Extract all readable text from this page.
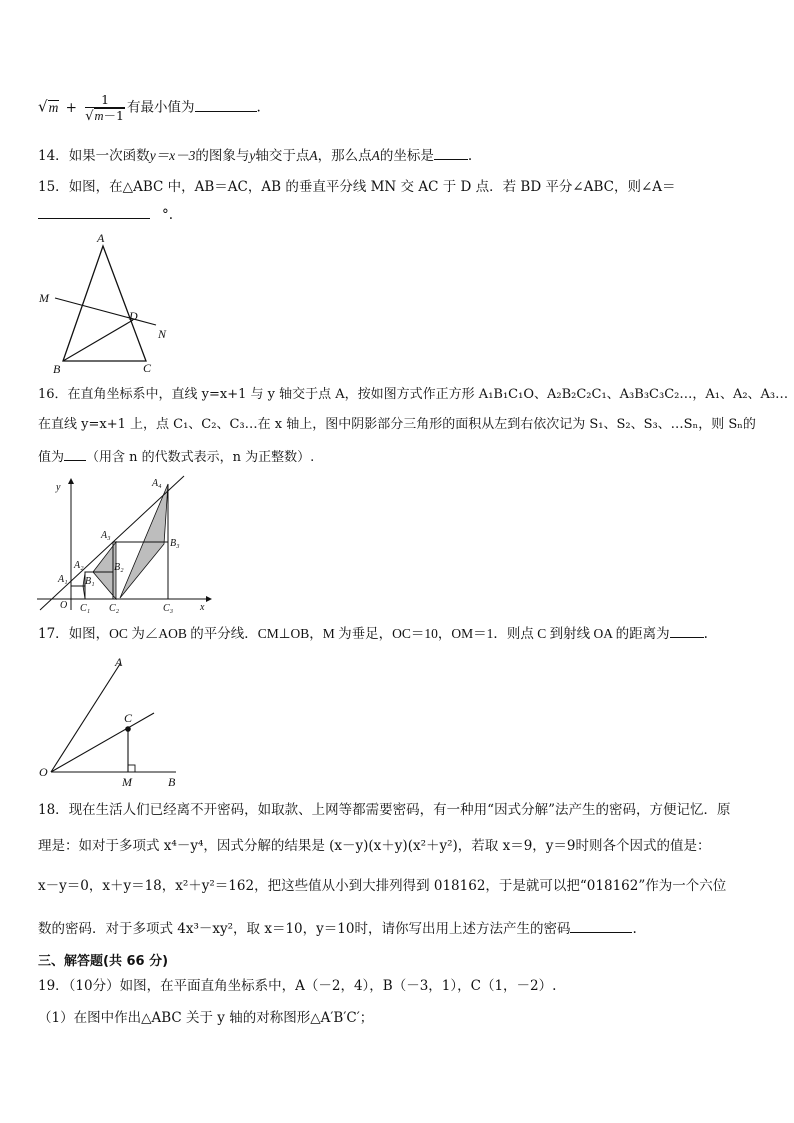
$√m + \frac{1}{√m-1}$ 有最小值为	.
14．如果一次函数y＝x－3的图象与y轴交于点A，那么点A的坐标是	.
15．如图，在△ABC 中，AB＝AC，AB 的垂直平分线 MN 交 AC 于 D 点．若 BD 平分∠ABC，则∠A＝
°.
A
B	C
D
M
N
16．在直角坐标系中，直线 y=x+1 与 y 轴交于点 A，按如图方式作正方形 A₁B₁C₁O、A₂B₂C₂C₁、A₃B₃C₃C₂…，A₁、A₂、A₃…
在直线 y=x+1 上，点 C₁、C₂、C₃…在 x 轴上，图中阴影部分三角形的面积从左到右依次记为 S₁、S₂、S₃、…Sₙ，则 Sₙ的
值为 （用含 n 的代数式表示，n 为正整数）.
y
x
O
A₁
A₂
A₃
A₄
B₁
B₂
B₃
C₁ C₂	C₃
17．如图，OC 为∠AOB 的平分线．CM⊥OB，M 为垂足，OC＝10，OM＝1．则点 C 到射线 OA 的距离为	.
A
B
C
O
M
18．现在生活人们已经离不开密码，如取款、上网等都需要密码，有一种用“因式分解”法产生的密码，方便记忆．原
理是：如对于多项式 x⁴－y⁴，因式分解的结果是 (x－y)(x＋y)(x²＋y²)，若取 x＝9，y＝9时则各个因式的值是：
x－y＝0，x＋y＝18，x²＋y²＝162，把这些值从小到大排列得到 018162，于是就可以把“018162”作为一个六位
数的密码．对于多项式 4x³－xy²，取 x＝10，y＝10时，请你写出用上述方法产生的密码	.
三、解答题(共 66 分)
19．（10分）如图，在平面直角坐标系中，A（－2，4），B（－3，1），C（1，－2）.
（1）在图中作出△ABC 关于 y 轴的对称图形△A′B′C′；
